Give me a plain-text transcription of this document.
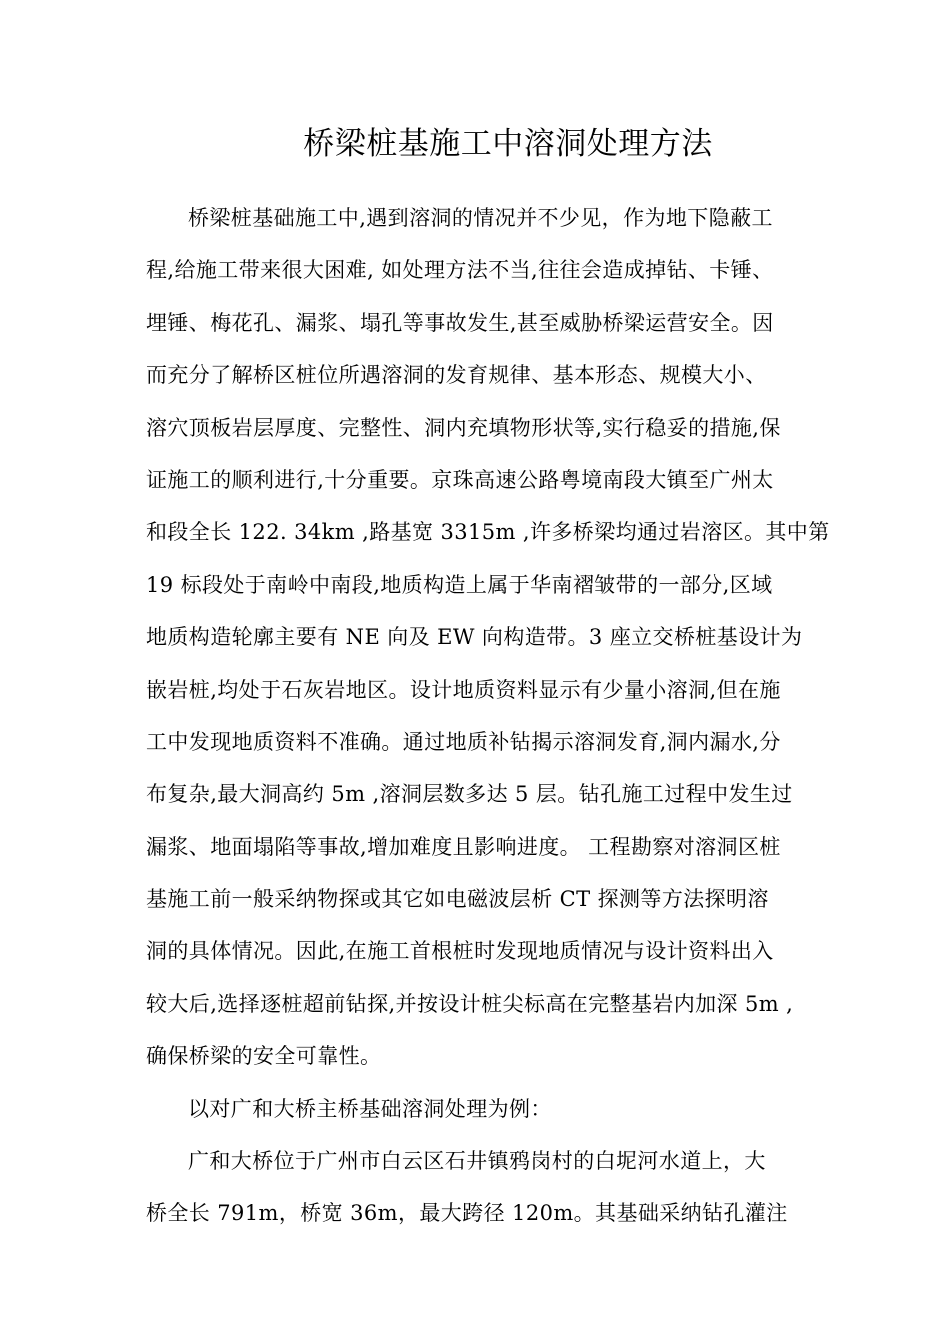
桥梁桩基施工中溶洞处理方法
桥梁桩基础施工中,遇到溶洞的情况并不少见，作为地下隐蔽工
程,给施工带来很大困难, 如处理方法不当,往往会造成掉钻、卡锤、
埋锤、梅花孔、漏浆、塌孔等事故发生,甚至威胁桥梁运营安全。因
而充分了解桥区桩位所遇溶洞的发育规律、基本形态、规模大小、
溶穴顶板岩层厚度、完整性、洞内充填物形状等,实行稳妥的措施,保
证施工的顺利进行,十分重要。京珠高速公路粤境南段大镇至广州太
和段全长 122. 34km ,路基宽 3315m ,许多桥梁均通过岩溶区。其中第
19 标段处于南岭中南段,地质构造上属于华南褶皱带的一部分,区域
地质构造轮廓主要有 NE 向及 EW 向构造带。3 座立交桥桩基设计为
嵌岩桩,均处于石灰岩地区。设计地质资料显示有少量小溶洞,但在施
工中发现地质资料不准确。通过地质补钻揭示溶洞发育,洞内漏水,分
布复杂,最大洞高约 5m ,溶洞层数多达 5 层。钻孔施工过程中发生过
漏浆、地面塌陷等事故,增加难度且影响进度。 工程勘察对溶洞区桩
基施工前一般采纳物探或其它如电磁波层析 CT 探测等方法探明溶
洞的具体情况。因此,在施工首根桩时发现地质情况与设计资料出入
较大后,选择逐桩超前钻探,并按设计桩尖标高在完整基岩内加深 5m ,
确保桥梁的安全可靠性。
以对广和大桥主桥基础溶洞处理为例：
广和大桥位于广州市白云区石井镇鸦岗村的白坭河水道上，大
桥全长 791m，桥宽 36m，最大跨径 120m。其基础采纳钻孔灌注
